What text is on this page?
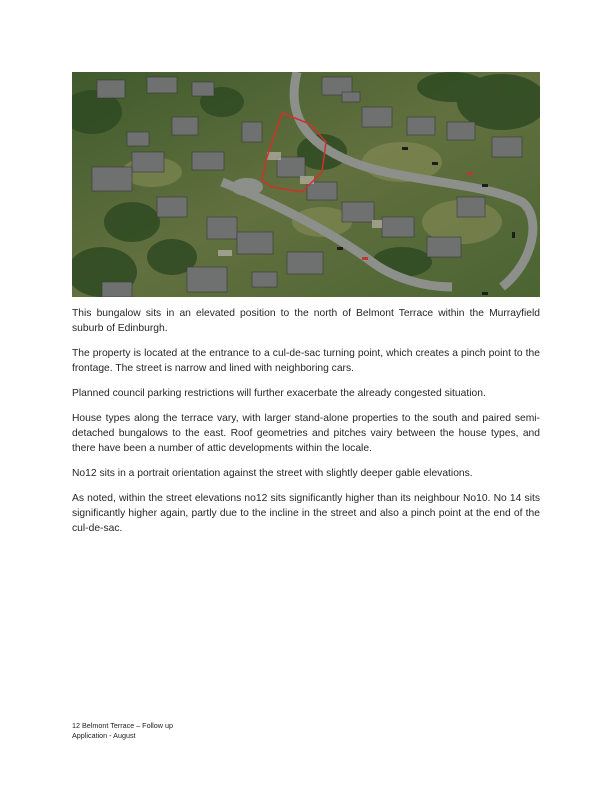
This bungalow sits in an elevated position to the north of Belmont Terrace within the Murrayfield suburb of Edinburgh.

The property is located at the entrance to a cul-de-sac turning point, which creates a pinch point to the frontage. The street is narrow and lined with neighboring cars.

Planned council parking restrictions will further exacerbate the already congested situation.

House types along the terrace vary, with larger stand-alone properties to the south and paired semi-detached bungalows to the east. Roof geometries and pitches vairy between the house types, and there have been a number of attic developments within the locale.

No12 sits in a portrait orientation against the street with slightly deeper gable elevations.

As noted, within the street elevations no12 sits significantly higher than its neighbour No10. No 14 sits significantly higher again, partly due to the incline in the street and also a pinch point at the end of the cul-de-sac.

12 Belmont Terrace – Follow up
Application - August
